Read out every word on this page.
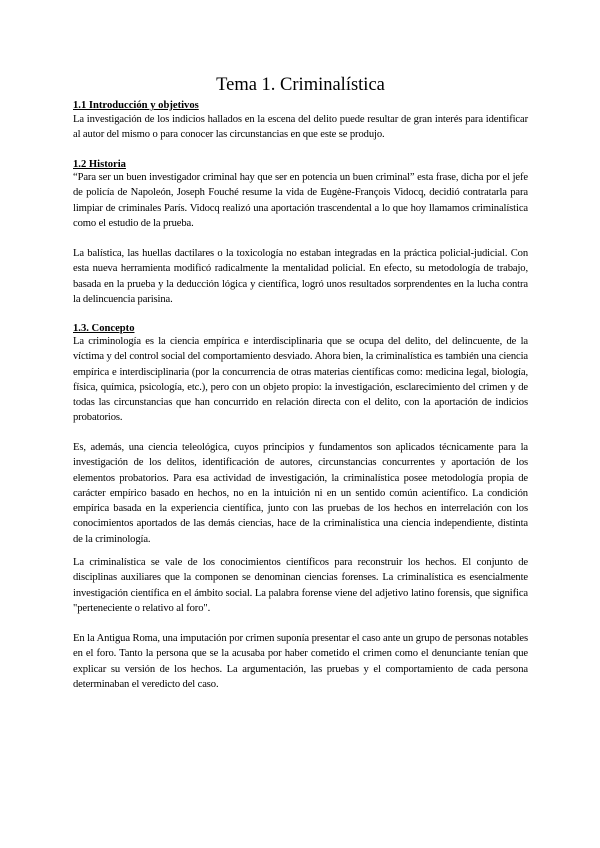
Tema 1. Criminalística
1.1 Introducción y objetivos

La investigación de los indicios hallados en la escena del delito puede resultar de gran interés para identificar al autor del mismo o para conocer las circunstancias en que este se produjo.

1.2 Historia

“Para ser un buen investigador criminal hay que ser en potencia un buen criminal” esta frase, dicha por el jefe de policía de Napoleón, Joseph Fouché resume la vida de Eugène-François Vidocq, decidió contratarla para limpiar de criminales París. Vidocq realizó una aportación trascendental a lo que hoy llamamos criminalística como el estudio de la prueba.

La balística, las huellas dactilares o la toxicología no estaban integradas en la práctica policial-judicial. Con esta nueva herramienta modificó radicalmente la mentalidad policial. En efecto, su metodología de trabajo, basada en la prueba y la deducción lógica y científica, logró unos resultados sorprendentes en la lucha contra la delincuencia parisina.

1.3. Concepto

La criminología es la ciencia empírica e interdisciplinaria que se ocupa del delito, del delincuente, de la víctima y del control social del comportamiento desviado. Ahora bien, la criminalística es también una ciencia empírica e interdisciplinaria (por la concurrencia de otras materias científicas como: medicina legal, biología, física, química, psicología, etc.), pero con un objeto propio: la investigación, esclarecimiento del crimen y de todas las circunstancias que han concurrido en relación directa con el delito, con la aportación de indicios probatorios.

Es, además, una ciencia teleológica, cuyos principios y fundamentos son aplicados técnicamente para la investigación de los delitos, identificación de autores, circunstancias concurrentes y aportación de los elementos probatorios. Para esa actividad de investigación, la criminalística posee metodología propia de carácter empírico basado en hechos, no en la intuición ni en un sentido común acientífico. La condición empírica basada en la experiencia científica, junto con las pruebas de los hechos en interrelación con los conocimientos aportados de las demás ciencias, hace de la criminalística una ciencia independiente, distinta de la criminología.

La criminalística se vale de los conocimientos científicos para reconstruir los hechos. El conjunto de disciplinas auxiliares que la componen se denominan ciencias forenses. La criminalística es esencialmente investigación científica en el ámbito social. La palabra forense viene del adjetivo latino forensis, que significa "perteneciente o relativo al foro".

En la Antigua Roma, una imputación por crimen suponía presentar el caso ante un grupo de personas notables en el foro. Tanto la persona que se la acusaba por haber cometido el crimen como el denunciante tenían que explicar su versión de los hechos. La argumentación, las pruebas y el comportamiento de cada persona determinaban el veredicto del caso.
